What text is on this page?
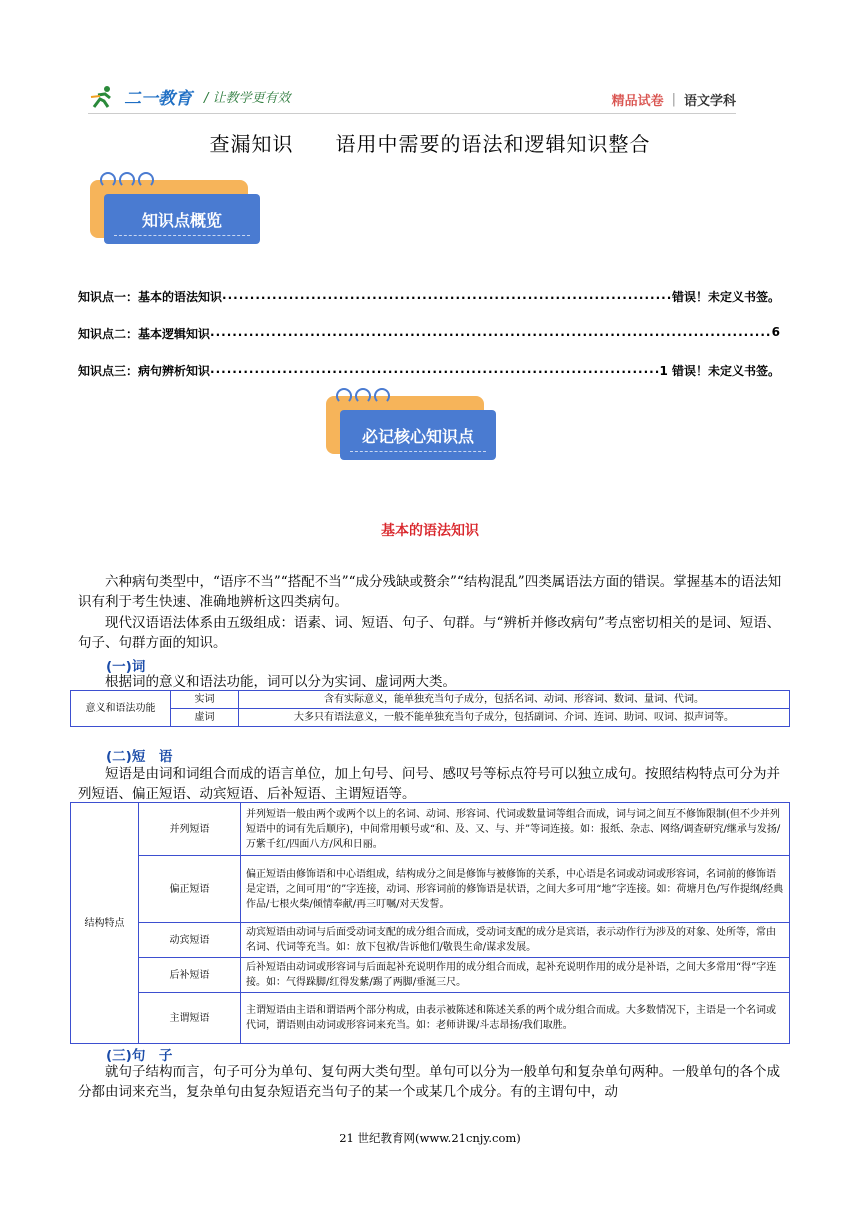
二一教育 / 让教学更有效	精品试卷 | 语文学科
查漏知识　　语用中需要的语法和逻辑知识整合
知识点概览
知识点一：基本的语法知识 .....	错误！未定义书签。
知识点二：基本逻辑知识 .....	6
知识点三：病句辨析知识 .....	1 错误！未定义书签。
必记核心知识点
基本的语法知识

六种病句类型中，“语序不当”“搭配不当”“成分残缺或赘余”“结构混乱”四类属语法方面的错误。掌握基本的语法知识有利于考生快速、准确地辨析这四类病句。

现代汉语语法体系由五级组成：语素、词、短语、句子、句群。与“辨析并修改病句”考点密切相关的是词、短语、句子、句群方面的知识。

(一)词

根据词的意义和语法功能，词可以分为实词、虚词两大类。

意义和语法功能	实词	含有实际意义，能单独充当句子成分，包括名词、动词、形容词、数词、量词、代词。
	虚词	大多只有语法意义，一般不能单独充当句子成分，包括副词、介词、连词、助词、叹词、拟声词等。
(二)短　语

短语是由词和词组合而成的语言单位，加上句号、问号、感叹号等标点符号可以独立成句。按照结构特点可分为并列短语、偏正短语、动宾短语、后补短语、主谓短语等。

结构特点	并列短语	并列短语一般由两个或两个以上的名词、动词、形容词、代词或数量词等组合而成，词与词之间互不修饰限制(但不少并列短语中的词有先后顺序)，中间常用顿号或“和、及、又、与、并”等词连接。如：报纸、杂志、网络/调查研究/继承与发扬/万紫千红/四面八方/风和日丽。
	偏正短语	偏正短语由修饰语和中心语组成，结构成分之间是修饰与被修饰的关系，中心语是名词或动词或形容词，名词前的修饰语是定语，之间可用“的”字连接，动词、形容词前的修饰语是状语，之间大多可用“地”字连接。如：荷塘月色/写作提纲/经典作品/七根火柴/倾情奉献/再三叮嘱/对天发誓。
	动宾短语	动宾短语由动词与后面受动词支配的成分组合而成，受动词支配的成分是宾语，表示动作行为涉及的对象、处所等，常由名词、代词等充当。如：放下包袱/告诉他们/敬畏生命/谋求发展。
	后补短语	后补短语由动词或形容词与后面起补充说明作用的成分组合而成，起补充说明作用的成分是补语，之间大多常用“得”字连接。如：气得跺脚/红得发紫/踢了两脚/垂涎三尺。
	主谓短语	主谓短语由主语和谓语两个部分构成，由表示被陈述和陈述关系的两个成分组合而成。大多数情况下，主语是一个名词或代词，谓语则由动词或形容词来充当。如：老师讲课/斗志昂扬/我们取胜。
(三)句　子

就句子结构而言，句子可分为单句、复句两大类句型。单句可以分为一般单句和复杂单句两种。一般单句的各个成分都由词来充当，复杂单句由复杂短语充当句子的某一个或某几个成分。有的主谓句中，动

21 世纪教育网(www.21cnjy.com)
